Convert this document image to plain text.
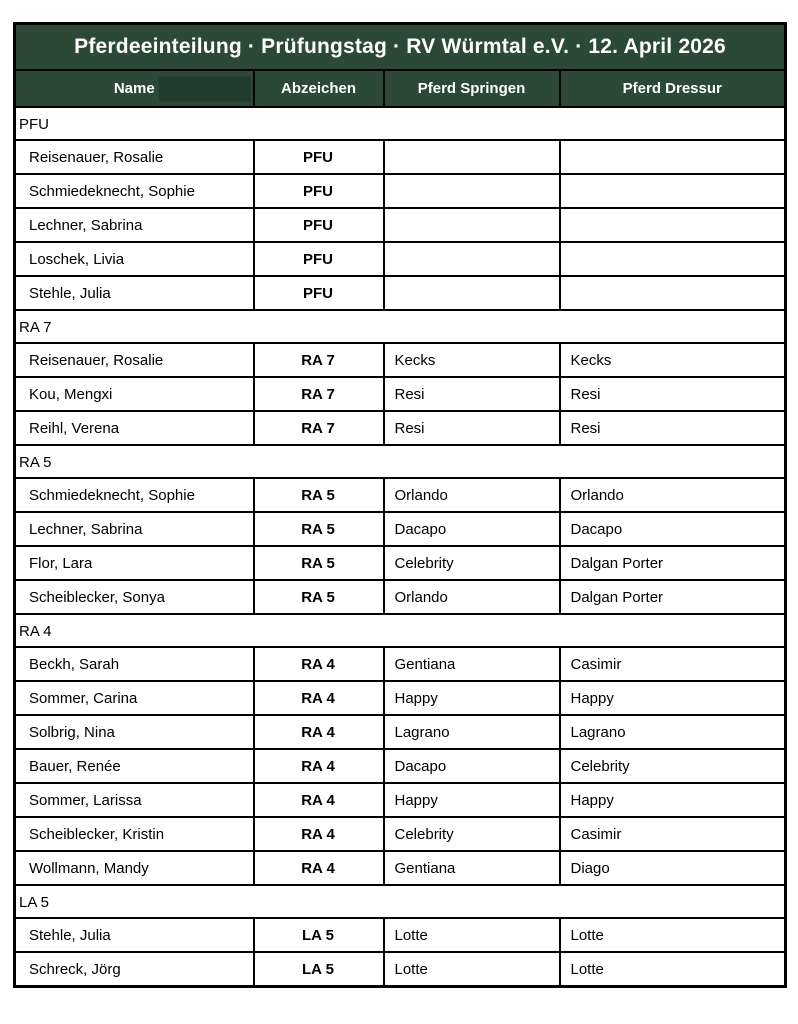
Pferdeeinteilung · Prüfungstag · RV Würmtal e.V. · 12. April 2026			
Name	Abzeichen	Pferd Springen	Pferd Dressur
PFU			
Reisenauer, Rosalie	PFU		
Schmiedeknecht, Sophie	PFU		
Lechner, Sabrina	PFU		
Loschek, Livia	PFU		
Stehle, Julia	PFU		
RA 7			
Reisenauer, Rosalie	RA 7	Kecks	Kecks
Kou, Mengxi	RA 7	Resi	Resi
Reihl, Verena	RA 7	Resi	Resi
RA 5			
Schmiedeknecht, Sophie	RA 5	Orlando	Orlando
Lechner, Sabrina	RA 5	Dacapo	Dacapo
Flor, Lara	RA 5	Celebrity	Dalgan Porter
Scheiblecker, Sonya	RA 5	Orlando	Dalgan Porter
RA 4			
Beckh, Sarah	RA 4	Gentiana	Casimir
Sommer, Carina	RA 4	Happy	Happy
Solbrig, Nina	RA 4	Lagrano	Lagrano
Bauer, Renée	RA 4	Dacapo	Celebrity
Sommer, Larissa	RA 4	Happy	Happy
Scheiblecker, Kristin	RA 4	Celebrity	Casimir
Wollmann, Mandy	RA 4	Gentiana	Diago
LA 5			
Stehle, Julia	LA 5	Lotte	Lotte
Schreck, Jörg	LA 5	Lotte	Lotte
